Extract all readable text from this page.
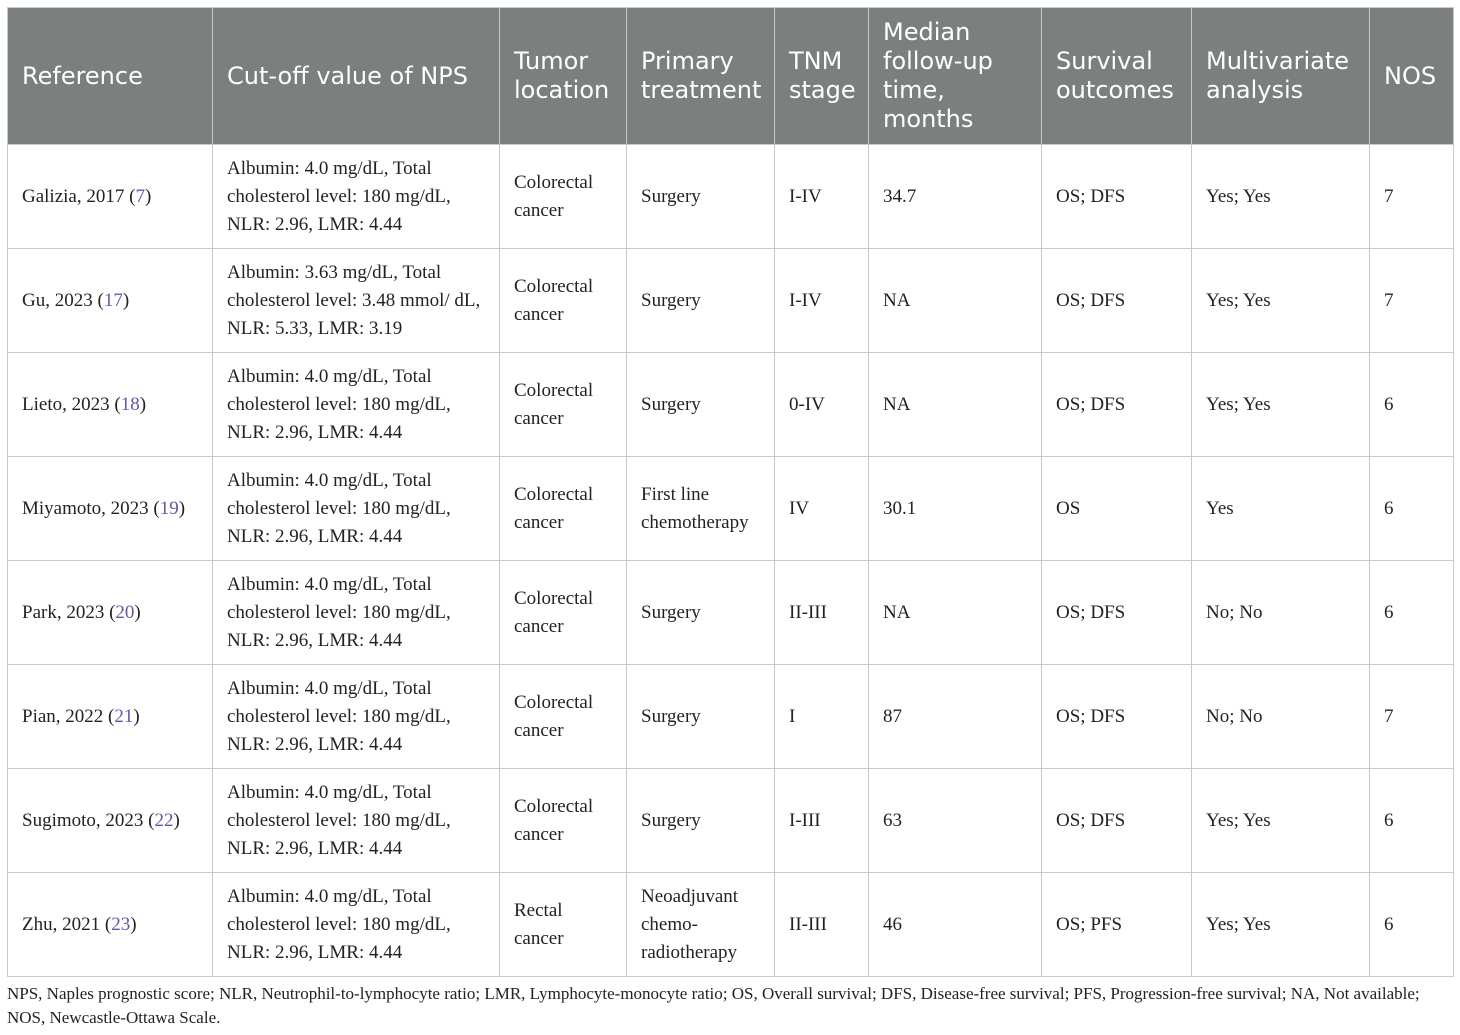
Reference	Cut-off value of NPS	Tumor location	Primary treatment	TNM stage	Median follow-up time, months	Survival outcomes	Multivariate analysis	NOS
Galizia, 2017 (7)	Albumin: 4.0 mg/dL, Total cholesterol level: 180 mg/dL, NLR: 2.96, LMR: 4.44	Colorectal cancer	Surgery	I-IV	34.7	OS; DFS	Yes; Yes	7
Gu, 2023 (17)	Albumin: 3.63 mg/dL, Total cholesterol level: 3.48 mmol/ dL, NLR: 5.33, LMR: 3.19	Colorectal cancer	Surgery	I-IV	NA	OS; DFS	Yes; Yes	7
Lieto, 2023 (18)	Albumin: 4.0 mg/dL, Total cholesterol level: 180 mg/dL, NLR: 2.96, LMR: 4.44	Colorectal cancer	Surgery	0-IV	NA	OS; DFS	Yes; Yes	6
Miyamoto, 2023 (19)	Albumin: 4.0 mg/dL, Total cholesterol level: 180 mg/dL, NLR: 2.96, LMR: 4.44	Colorectal cancer	First line chemotherapy	IV	30.1	OS	Yes	6
Park, 2023 (20)	Albumin: 4.0 mg/dL, Total cholesterol level: 180 mg/dL, NLR: 2.96, LMR: 4.44	Colorectal cancer	Surgery	II-III	NA	OS; DFS	No; No	6
Pian, 2022 (21)	Albumin: 4.0 mg/dL, Total cholesterol level: 180 mg/dL, NLR: 2.96, LMR: 4.44	Colorectal cancer	Surgery	I	87	OS; DFS	No; No	7
Sugimoto, 2023 (22)	Albumin: 4.0 mg/dL, Total cholesterol level: 180 mg/dL, NLR: 2.96, LMR: 4.44	Colorectal cancer	Surgery	I-III	63	OS; DFS	Yes; Yes	6
Zhu, 2021 (23)	Albumin: 4.0 mg/dL, Total cholesterol level: 180 mg/dL, NLR: 2.96, LMR: 4.44	Rectal cancer	Neoadjuvant chemo- radiotherapy	II-III	46	OS; PFS	Yes; Yes	6
NPS, Naples prognostic score; NLR, Neutrophil-to-lymphocyte ratio; LMR, Lymphocyte-monocyte ratio; OS, Overall survival; DFS, Disease-free survival; PFS, Progression-free survival; NA, Not available; NOS, Newcastle-Ottawa Scale.
